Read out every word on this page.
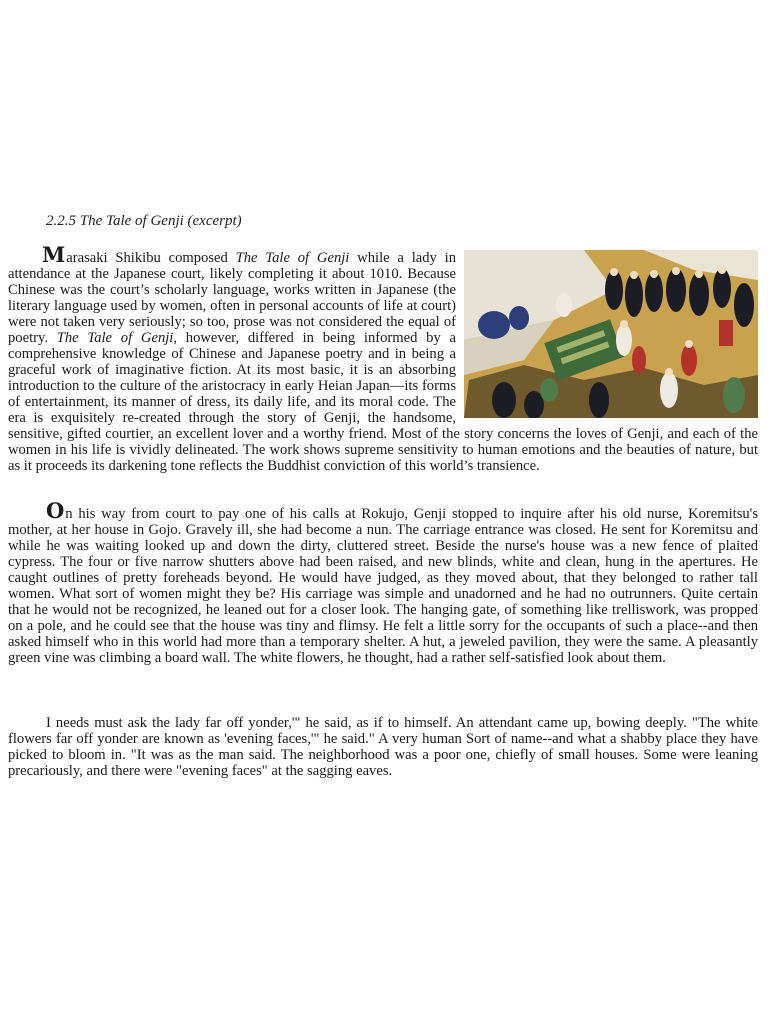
2.2.5 The Tale of Genji (excerpt)

Marasaki Shikibu composed The Tale of Genji while a lady in attendance at the Japanese court, likely completing it about 1010. Because Chinese was the court’s scholarly language, works written in Japanese (the literary language used by women, often in personal accounts of life at court) were not taken very seriously; so too, prose was not considered the equal of poetry. The Tale of Genji, however, differed in being informed by a comprehensive knowledge of Chinese and Japanese poetry and in being a graceful work of imaginative fiction. At its most basic, it is an absorbing introduction to the culture of the aristocracy in early Heian Japan—its forms of entertainment, its manner of dress, its daily life, and its moral code. The era is exquisitely re-created through the story of Genji, the handsome, sensitive, gifted courtier, an excellent lover and a worthy friend. Most of the story concerns the loves of Genji, and each of the women in his life is vividly delineated. The work shows supreme sensitivity to human emotions and the beauties of nature, but as it proceeds its darkening tone reflects the Buddhist conviction of this world’s transience.

On his way from court to pay one of his calls at Rokujo, Genji stopped to inquire after his old nurse, Koremitsu's mother, at her house in Gojo. Gravely ill, she had become a nun. The carriage entrance was closed. He sent for Koremitsu and while he was waiting looked up and down the dirty, cluttered street. Beside the nurse's house was a new fence of plaited cypress. The four or five narrow shutters above had been raised, and new blinds, white and clean, hung in the apertures. He caught outlines of pretty foreheads beyond. He would have judged, as they moved about, that they belonged to rather tall women. What sort of women might they be? His carriage was simple and unadorned and he had no outrunners. Quite certain that he would not be recognized, he leaned out for a closer look. The hanging gate, of something like trelliswork, was propped on a pole, and he could see that the house was tiny and flimsy. He felt a little sorry for the occupants of such a place--and then asked himself who in this world had more than a temporary shelter. A hut, a jeweled pavilion, they were the same. A pleasantly green vine was climbing a board wall. The white flowers, he thought, had a rather self-satisfied look about them.

I needs must ask the lady far off yonder,'" he said, as if to himself. An attendant came up, bowing deeply. "The white flowers far off yonder are known as 'evening faces,'" he said." A very human Sort of name--and what a shabby place they have picked to bloom in. "It was as the man said. The neighborhood was a poor one, chiefly of small houses. Some were leaning precariously, and there were "evening faces" at the sagging eaves.
